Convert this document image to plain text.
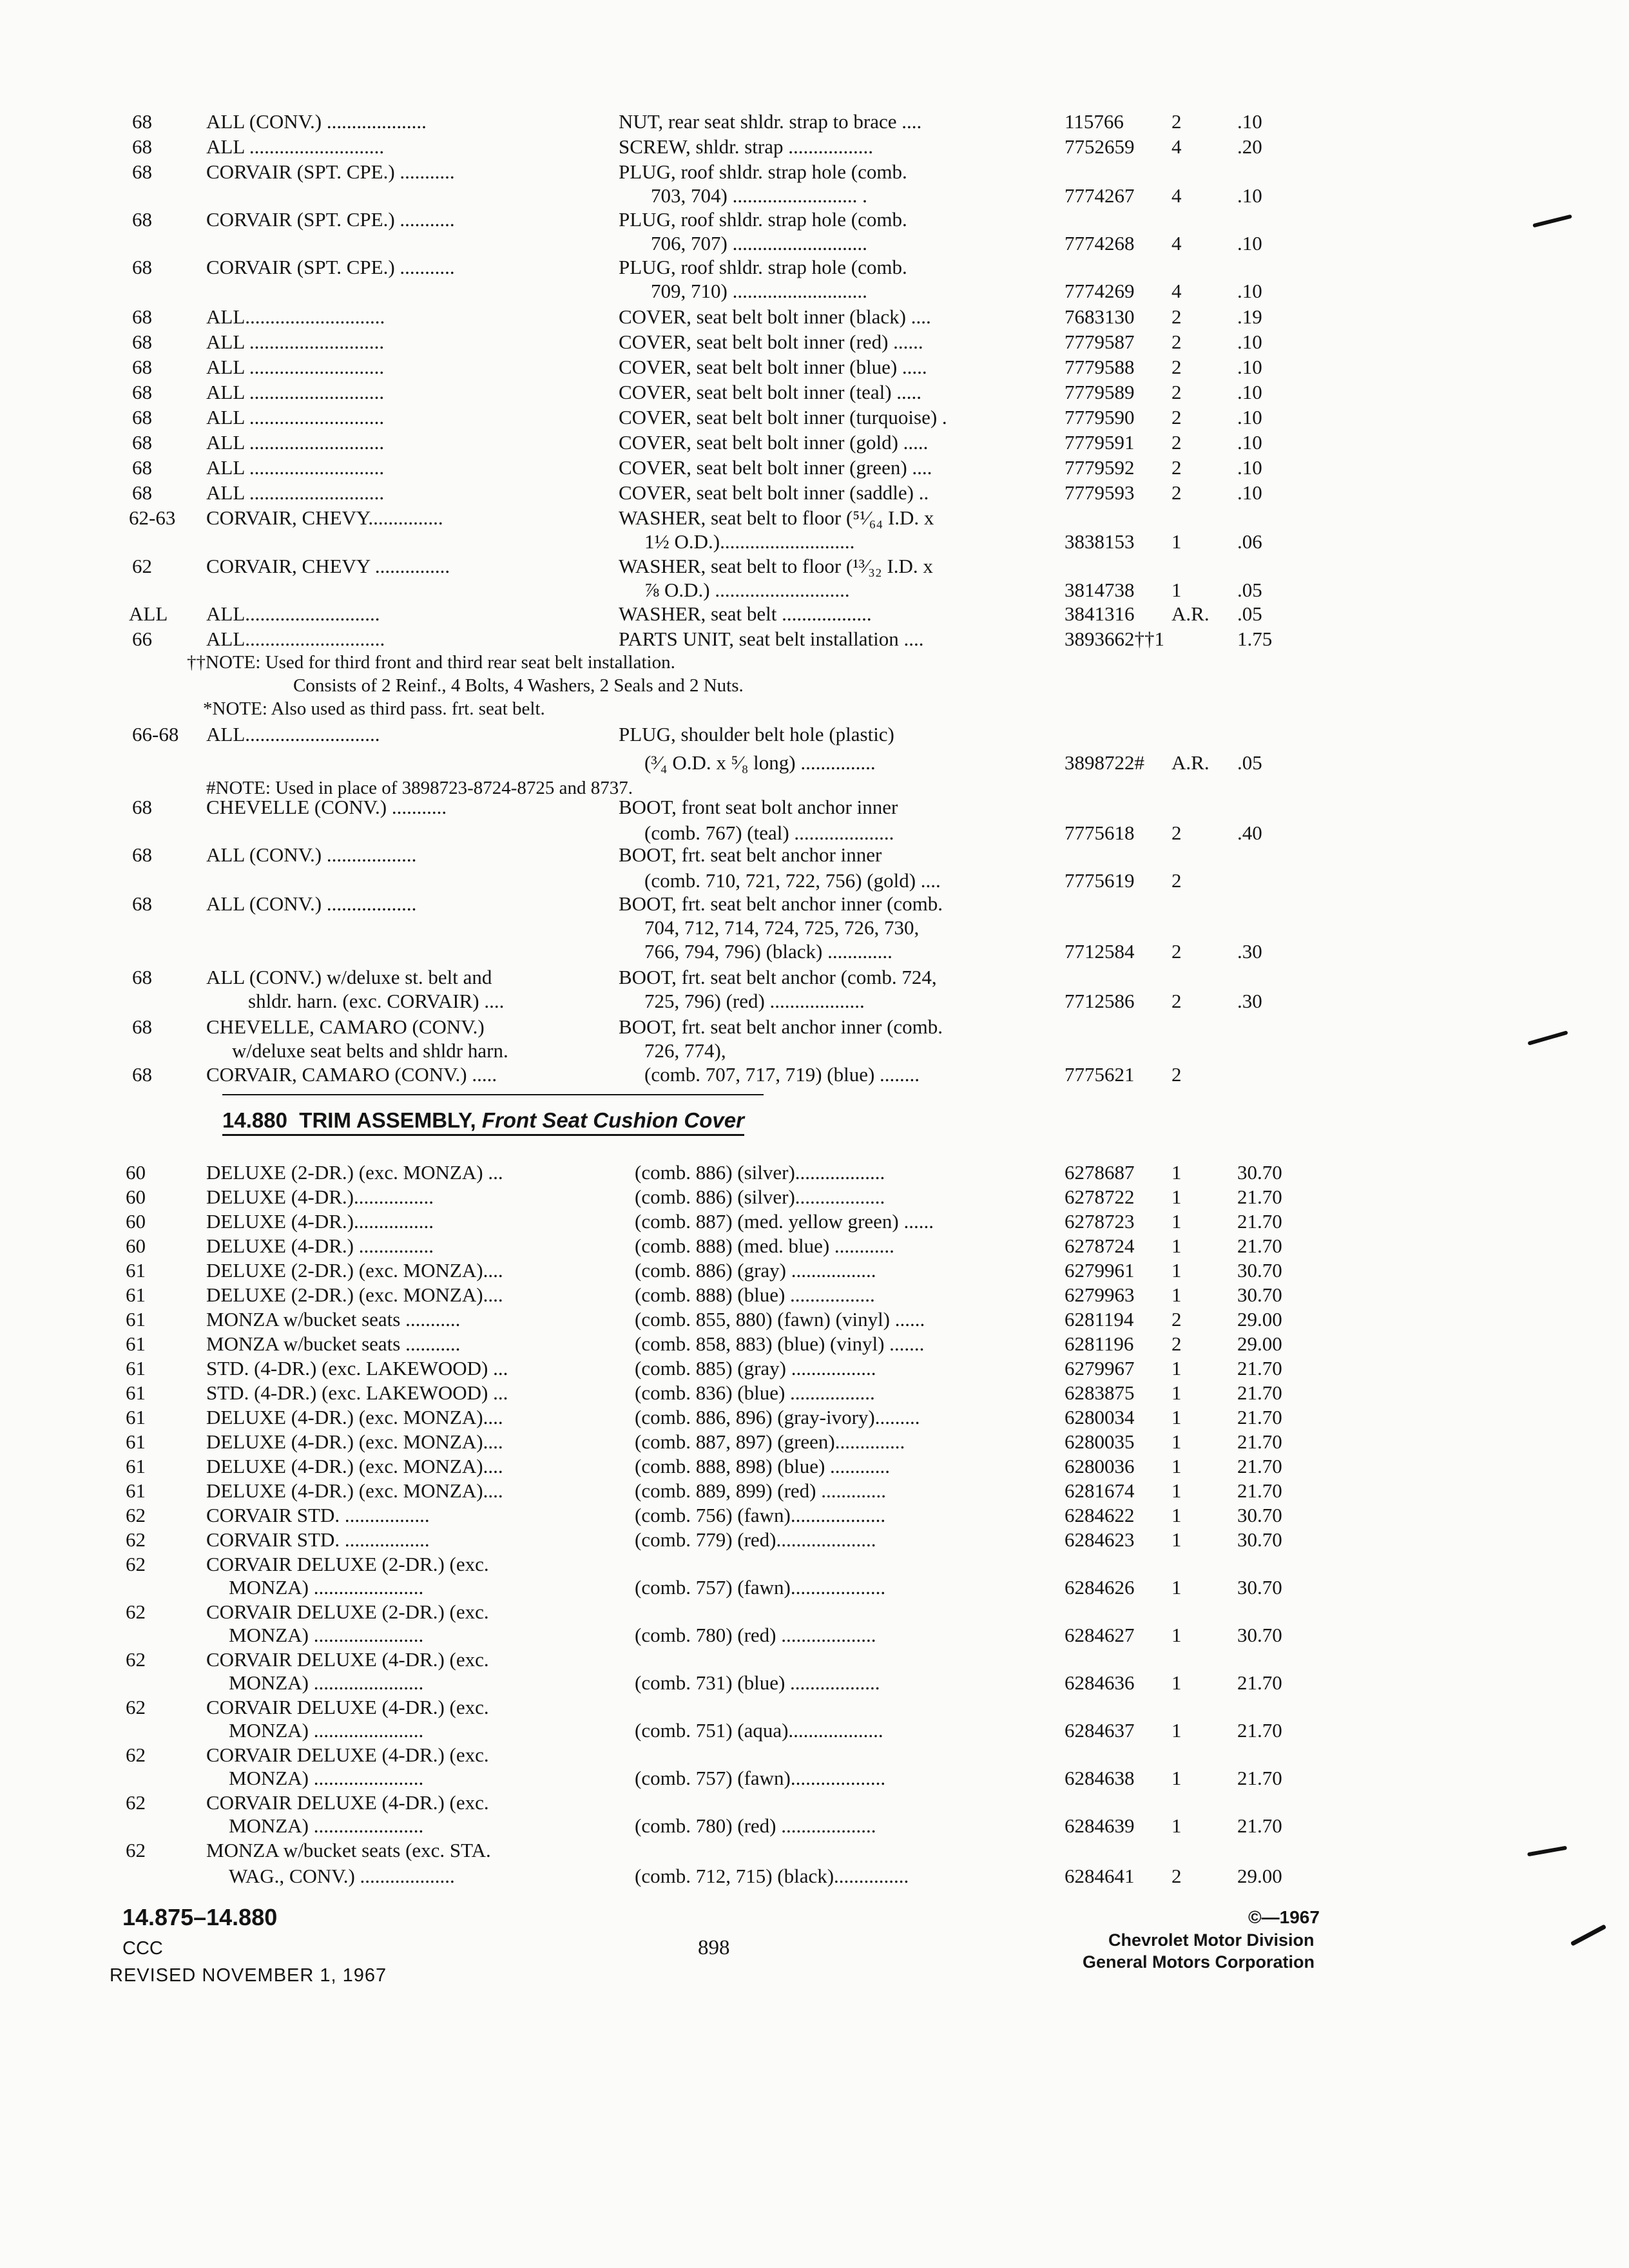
68	ALL (CONV.) ....................	NUT, rear seat shldr. strap to brace ....	115766 2	.10
68	ALL ...........................	SCREW, shldr. strap .................	7752659 4	.20
68	CORVAIR (SPT. CPE.) ...........	PLUG, roof shldr. strap hole (comb.
703, 704) ......................... .	7774267 4	.10
68	CORVAIR (SPT. CPE.) ...........	PLUG, roof shldr. strap hole (comb.
706, 707) ...........................	7774268 4	.10
68	CORVAIR (SPT. CPE.) ...........	PLUG, roof shldr. strap hole (comb.
709, 710) ...........................	7774269 4	.10
68	ALL............................	COVER, seat belt bolt inner (black) ....	7683130 2	.19
68	ALL ...........................	COVER, seat belt bolt inner (red) ......	7779587 2	.10
68	ALL ...........................	COVER, seat belt bolt inner (blue) .....	7779588 2	.10
68	ALL ...........................	COVER, seat belt bolt inner (teal) .....	7779589 2	.10
68	ALL ...........................	COVER, seat belt bolt inner (turquoise) .	7779590 2	.10
68	ALL ...........................	COVER, seat belt bolt inner (gold) .....	7779591 2	.10
68	ALL ...........................	COVER, seat belt bolt inner (green) ....	7779592 2	.10
68	ALL ...........................	COVER, seat belt bolt inner (saddle) ..	7779593 2	.10
62-63 CORVAIR, CHEVY...............	WASHER, seat belt to floor (⁵¹⁄₆₄ I.D. x
1½ O.D.)...........................	3838153 1	.06
62	CORVAIR, CHEVY ...............	WASHER, seat belt to floor (¹³⁄₃₂ I.D. x
⅞ O.D.) ...........................	3814738 1	.05
ALL ALL...........................	WASHER, seat belt ..................	3841316 A.R. .05
66	ALL............................	PARTS UNIT, seat belt installation ....	3893662††1	1.75
††NOTE: Used for third front and third rear seat belt installation.
Consists of 2 Reinf., 4 Bolts, 4 Washers, 2 Seals and 2 Nuts.
*NOTE: Also used as third pass. frt. seat belt.
66-68 ALL...........................	PLUG, shoulder belt hole (plastic)
(³⁄₄ O.D. x ⁵⁄₈ long) ...............	3898722# A.R. .05
#NOTE: Used in place of 3898723-8724-8725 and 8737.
68	CHEVELLE (CONV.) ...........	BOOT, front seat bolt anchor inner
(comb. 767) (teal) ....................	7775618 2	.40
68	ALL (CONV.) ..................	BOOT, frt. seat belt anchor inner
(comb. 710, 721, 722, 756) (gold) ....	7775619 2
68	ALL (CONV.) ..................	BOOT, frt. seat belt anchor inner (comb.
704, 712, 714, 724, 725, 726, 730,
766, 794, 796) (black) .............	7712584 2	.30
68	ALL (CONV.) w/deluxe st. belt and	BOOT, frt. seat belt anchor (comb. 724,
shldr. harn. (exc. CORVAIR) ....	725, 796) (red) ...................	7712586 2	.30
68	CHEVELLE, CAMARO (CONV.)	BOOT, frt. seat belt anchor inner (comb.
w/deluxe seat belts and shldr harn.	726, 774),
68	CORVAIR, CAMARO (CONV.) .....	(comb. 707, 717, 719) (blue) ........	7775621 2
14.880 TRIM ASSEMBLY, Front Seat Cushion Cover
60	DELUXE (2-DR.) (exc. MONZA) ...	(comb. 886) (silver)..................	6278687 1	30.70
60	DELUXE (4-DR.)................	(comb. 886) (silver)..................	6278722 1	21.70
60	DELUXE (4-DR.)................	(comb. 887) (med. yellow green) ......	6278723 1	21.70
60	DELUXE (4-DR.) ...............	(comb. 888) (med. blue) ............	6278724 1	21.70
61	DELUXE (2-DR.) (exc. MONZA)....	(comb. 886) (gray) .................	6279961 1	30.70
61	DELUXE (2-DR.) (exc. MONZA)....	(comb. 888) (blue) .................	6279963 1	30.70
61	MONZA w/bucket seats ...........	(comb. 855, 880) (fawn) (vinyl) ......	6281194 2	29.00
61	MONZA w/bucket seats ...........	(comb. 858, 883) (blue) (vinyl) .......	6281196 2	29.00
61	STD. (4-DR.) (exc. LAKEWOOD) ...	(comb. 885) (gray) .................	6279967 1	21.70
61	STD. (4-DR.) (exc. LAKEWOOD) ...	(comb. 836) (blue) .................	6283875 1	21.70
61	DELUXE (4-DR.) (exc. MONZA)....	(comb. 886, 896) (gray-ivory).........	6280034 1	21.70
61	DELUXE (4-DR.) (exc. MONZA)....	(comb. 887, 897) (green)..............	6280035 1	21.70
61	DELUXE (4-DR.) (exc. MONZA)....	(comb. 888, 898) (blue) ............	6280036 1	21.70
61	DELUXE (4-DR.) (exc. MONZA)....	(comb. 889, 899) (red) .............	6281674 1	21.70
62	CORVAIR STD. .................	(comb. 756) (fawn)...................	6284622 1	30.70
62	CORVAIR STD. .................	(comb. 779) (red)....................	6284623 1	30.70
62	CORVAIR DELUXE (2-DR.) (exc.
MONZA) ......................	(comb. 757) (fawn)...................	6284626 1	30.70
62	CORVAIR DELUXE (2-DR.) (exc.
MONZA) ......................	(comb. 780) (red) ...................	6284627 1	30.70
62	CORVAIR DELUXE (4-DR.) (exc.
MONZA) ......................	(comb. 731) (blue) ..................	6284636 1	21.70
62	CORVAIR DELUXE (4-DR.) (exc.
MONZA) ......................	(comb. 751) (aqua)...................	6284637 1	21.70
62	CORVAIR DELUXE (4-DR.) (exc.
MONZA) ......................	(comb. 757) (fawn)...................	6284638 1	21.70
62	CORVAIR DELUXE (4-DR.) (exc.
MONZA) ......................	(comb. 780) (red) ...................	6284639 1	21.70
62	MONZA w/bucket seats (exc. STA.
WAG., CONV.) ...................	(comb. 712, 715) (black)...............	6284641 2	29.00
14.875–14.880
CCC
REVISED NOVEMBER 1, 1967
898
©—1967
Chevrolet Motor Division
General Motors Corporation
